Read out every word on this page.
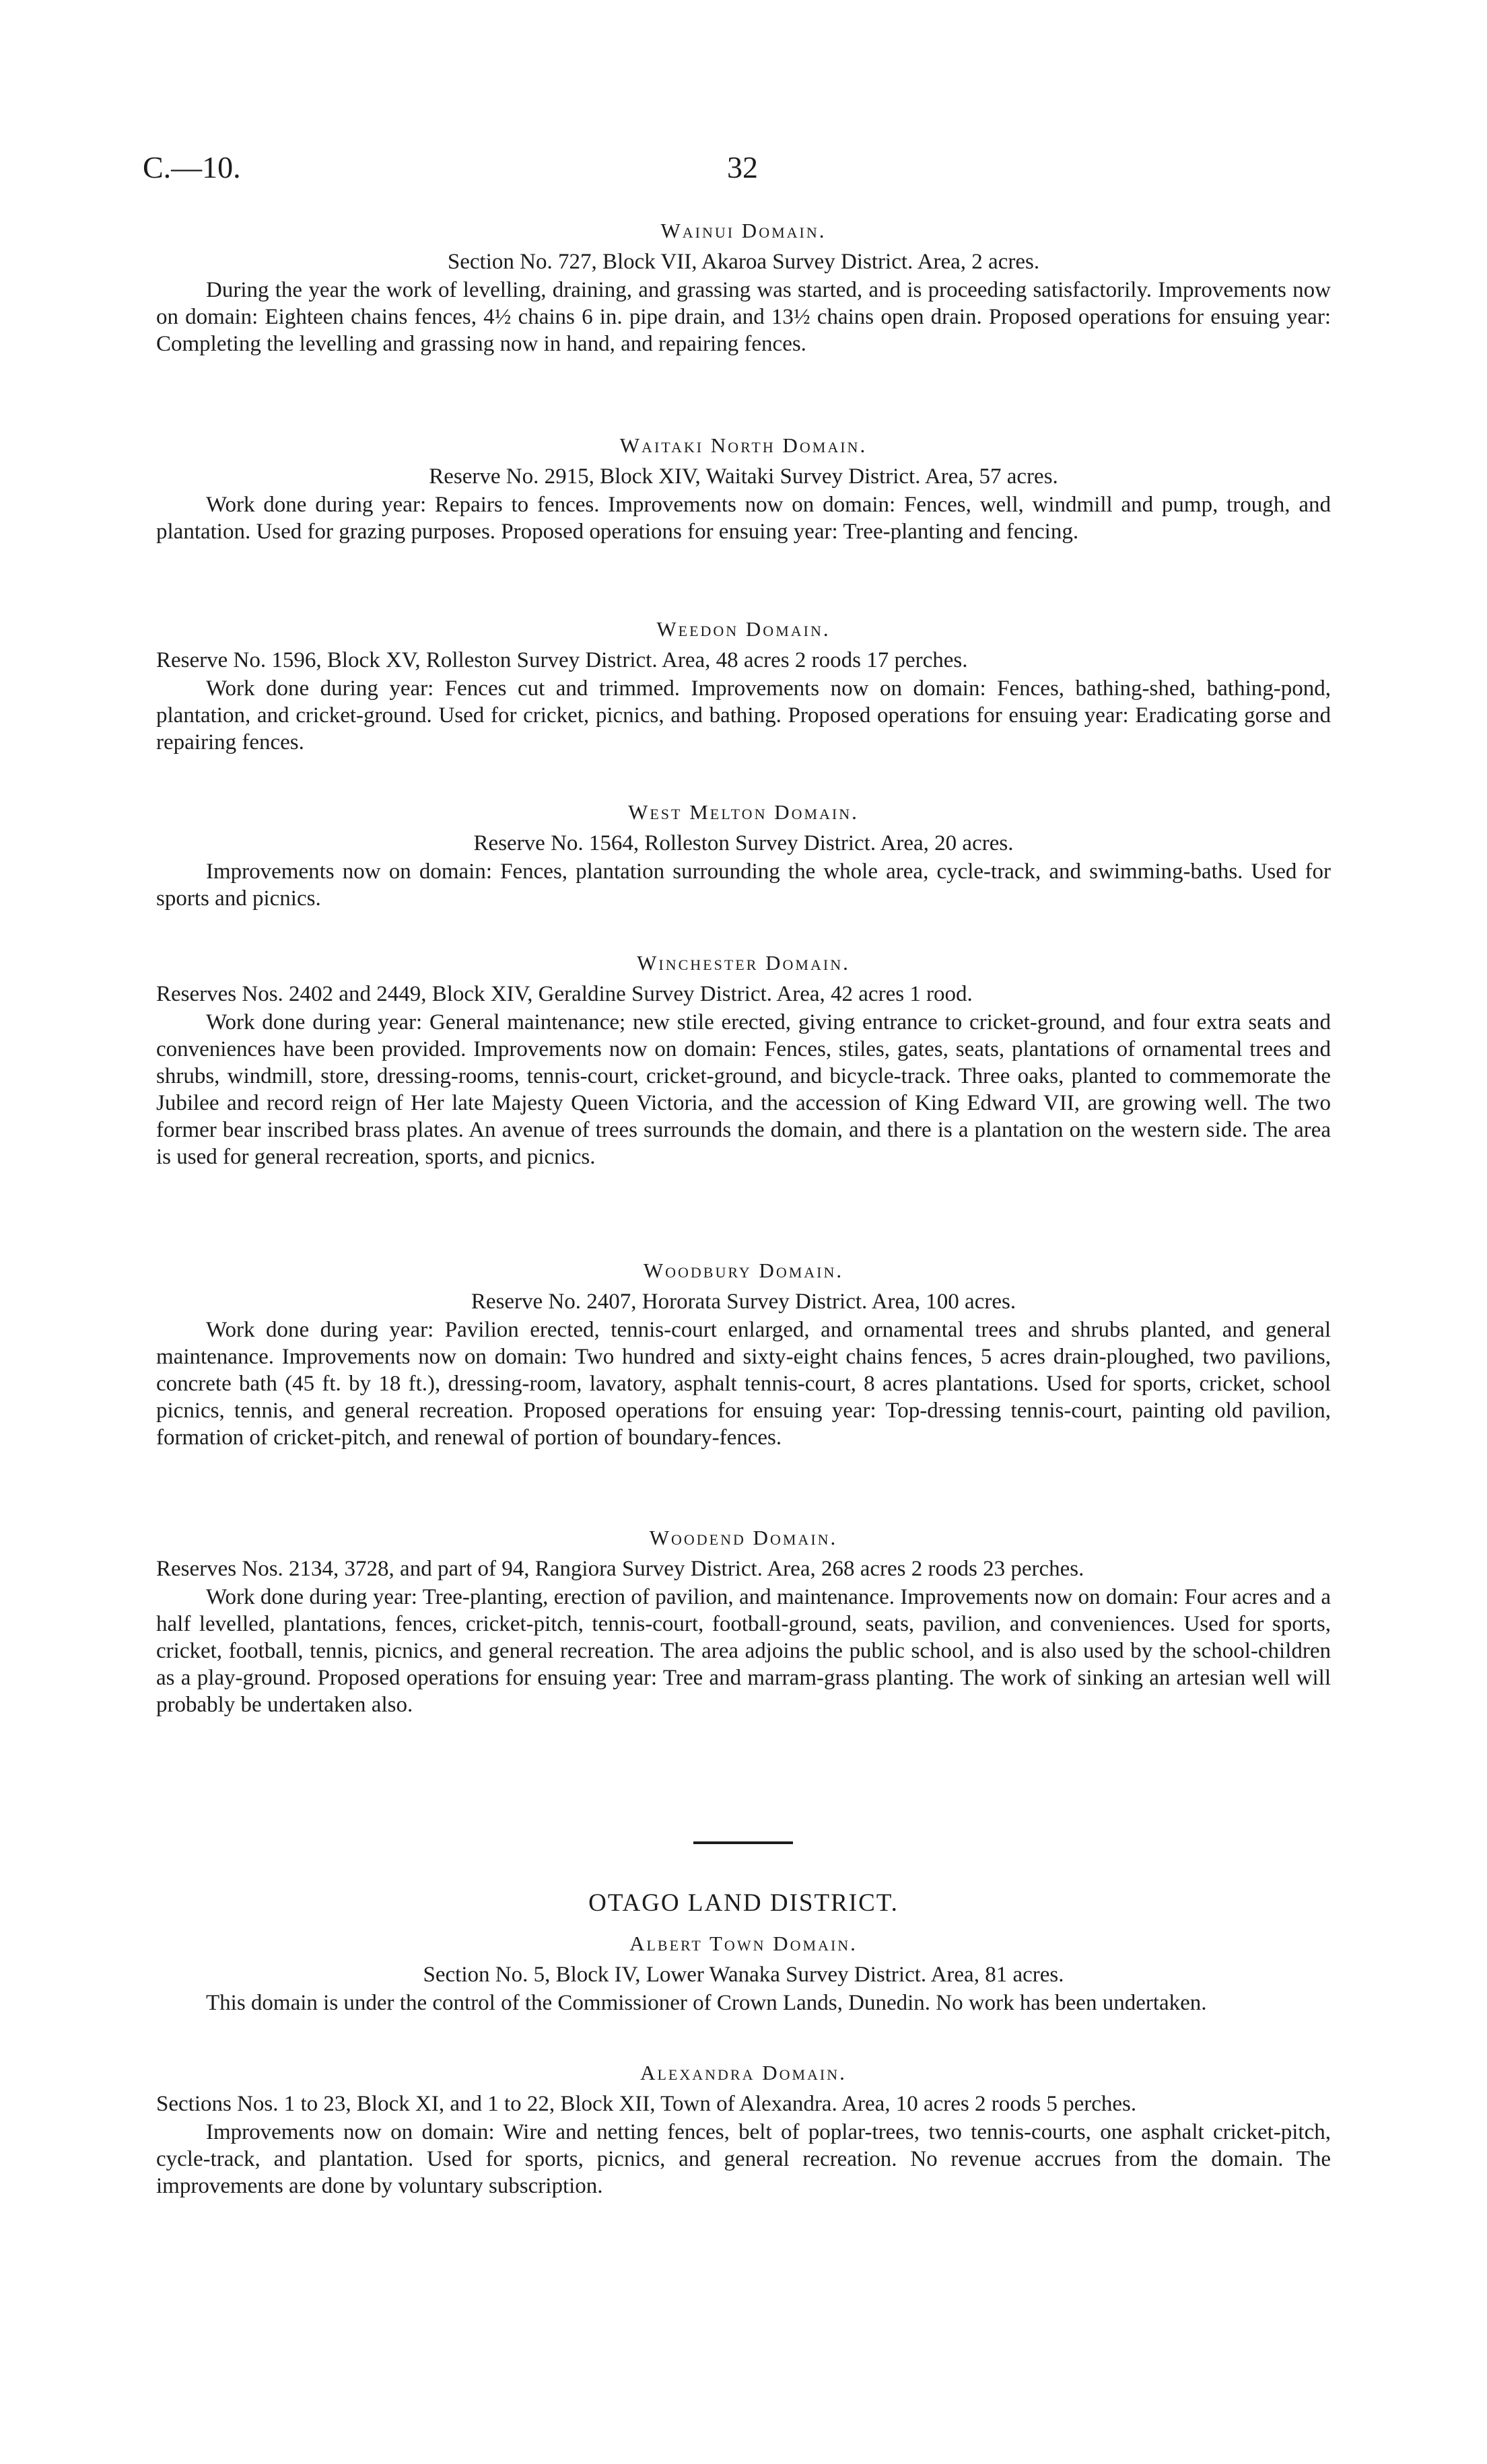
C.—10.	32

Wainui Domain.

Section No. 727, Block VII, Akaroa Survey District. Area, 2 acres.

During the year the work of levelling, draining, and grassing was started, and is proceeding satisfactorily. Improvements now on domain: Eighteen chains fences, 4½ chains 6 in. pipe drain, and 13½ chains open drain. Proposed operations for ensuing year: Completing the levelling and grassing now in hand, and repairing fences.

Waitaki North Domain.

Reserve No. 2915, Block XIV, Waitaki Survey District. Area, 57 acres.

Work done during year: Repairs to fences. Improvements now on domain: Fences, well, windmill and pump, trough, and plantation. Used for grazing purposes. Proposed operations for ensuing year: Tree-planting and fencing.

Weedon Domain.

Reserve No. 1596, Block XV, Rolleston Survey District. Area, 48 acres 2 roods 17 perches.

Work done during year: Fences cut and trimmed. Improvements now on domain: Fences, bathing-shed, bathing-pond, plantation, and cricket-ground. Used for cricket, picnics, and bathing. Proposed operations for ensuing year: Eradicating gorse and repairing fences.

West Melton Domain.

Reserve No. 1564, Rolleston Survey District. Area, 20 acres.

Improvements now on domain: Fences, plantation surrounding the whole area, cycle-track, and swimming-baths. Used for sports and picnics.

Winchester Domain.

Reserves Nos. 2402 and 2449, Block XIV, Geraldine Survey District. Area, 42 acres 1 rood.

Work done during year: General maintenance; new stile erected, giving entrance to cricket-ground, and four extra seats and conveniences have been provided. Improvements now on domain: Fences, stiles, gates, seats, plantations of ornamental trees and shrubs, windmill, store, dressing-rooms, tennis-court, cricket-ground, and bicycle-track. Three oaks, planted to commemorate the Jubilee and record reign of Her late Majesty Queen Victoria, and the accession of King Edward VII, are growing well. The two former bear inscribed brass plates. An avenue of trees surrounds the domain, and there is a plantation on the western side. The area is used for general recreation, sports, and picnics.

Woodbury Domain.

Reserve No. 2407, Hororata Survey District. Area, 100 acres.

Work done during year: Pavilion erected, tennis-court enlarged, and ornamental trees and shrubs planted, and general maintenance. Improvements now on domain: Two hundred and sixty-eight chains fences, 5 acres drain-ploughed, two pavilions, concrete bath (45 ft. by 18 ft.), dressing-room, lavatory, asphalt tennis-court, 8 acres plantations. Used for sports, cricket, school picnics, tennis, and general recreation. Proposed operations for ensuing year: Top-dressing tennis-court, painting old pavilion, formation of cricket-pitch, and renewal of portion of boundary-fences.

Woodend Domain.

Reserves Nos. 2134, 3728, and part of 94, Rangiora Survey District. Area, 268 acres 2 roods 23 perches.

Work done during year: Tree-planting, erection of pavilion, and maintenance. Improvements now on domain: Four acres and a half levelled, plantations, fences, cricket-pitch, tennis-court, football-ground, seats, pavilion, and conveniences. Used for sports, cricket, football, tennis, picnics, and general recreation. The area adjoins the public school, and is also used by the school-children as a play-ground. Proposed operations for ensuing year: Tree and marram-grass planting. The work of sinking an artesian well will probably be undertaken also.

OTAGO LAND DISTRICT.

Albert Town Domain.

Section No. 5, Block IV, Lower Wanaka Survey District. Area, 81 acres.

This domain is under the control of the Commissioner of Crown Lands, Dunedin. No work has been undertaken.

Alexandra Domain.

Sections Nos. 1 to 23, Block XI, and 1 to 22, Block XII, Town of Alexandra. Area, 10 acres 2 roods 5 perches.

Improvements now on domain: Wire and netting fences, belt of poplar-trees, two tennis-courts, one asphalt cricket-pitch, cycle-track, and plantation. Used for sports, picnics, and general recreation. No revenue accrues from the domain. The improvements are done by voluntary subscription.
